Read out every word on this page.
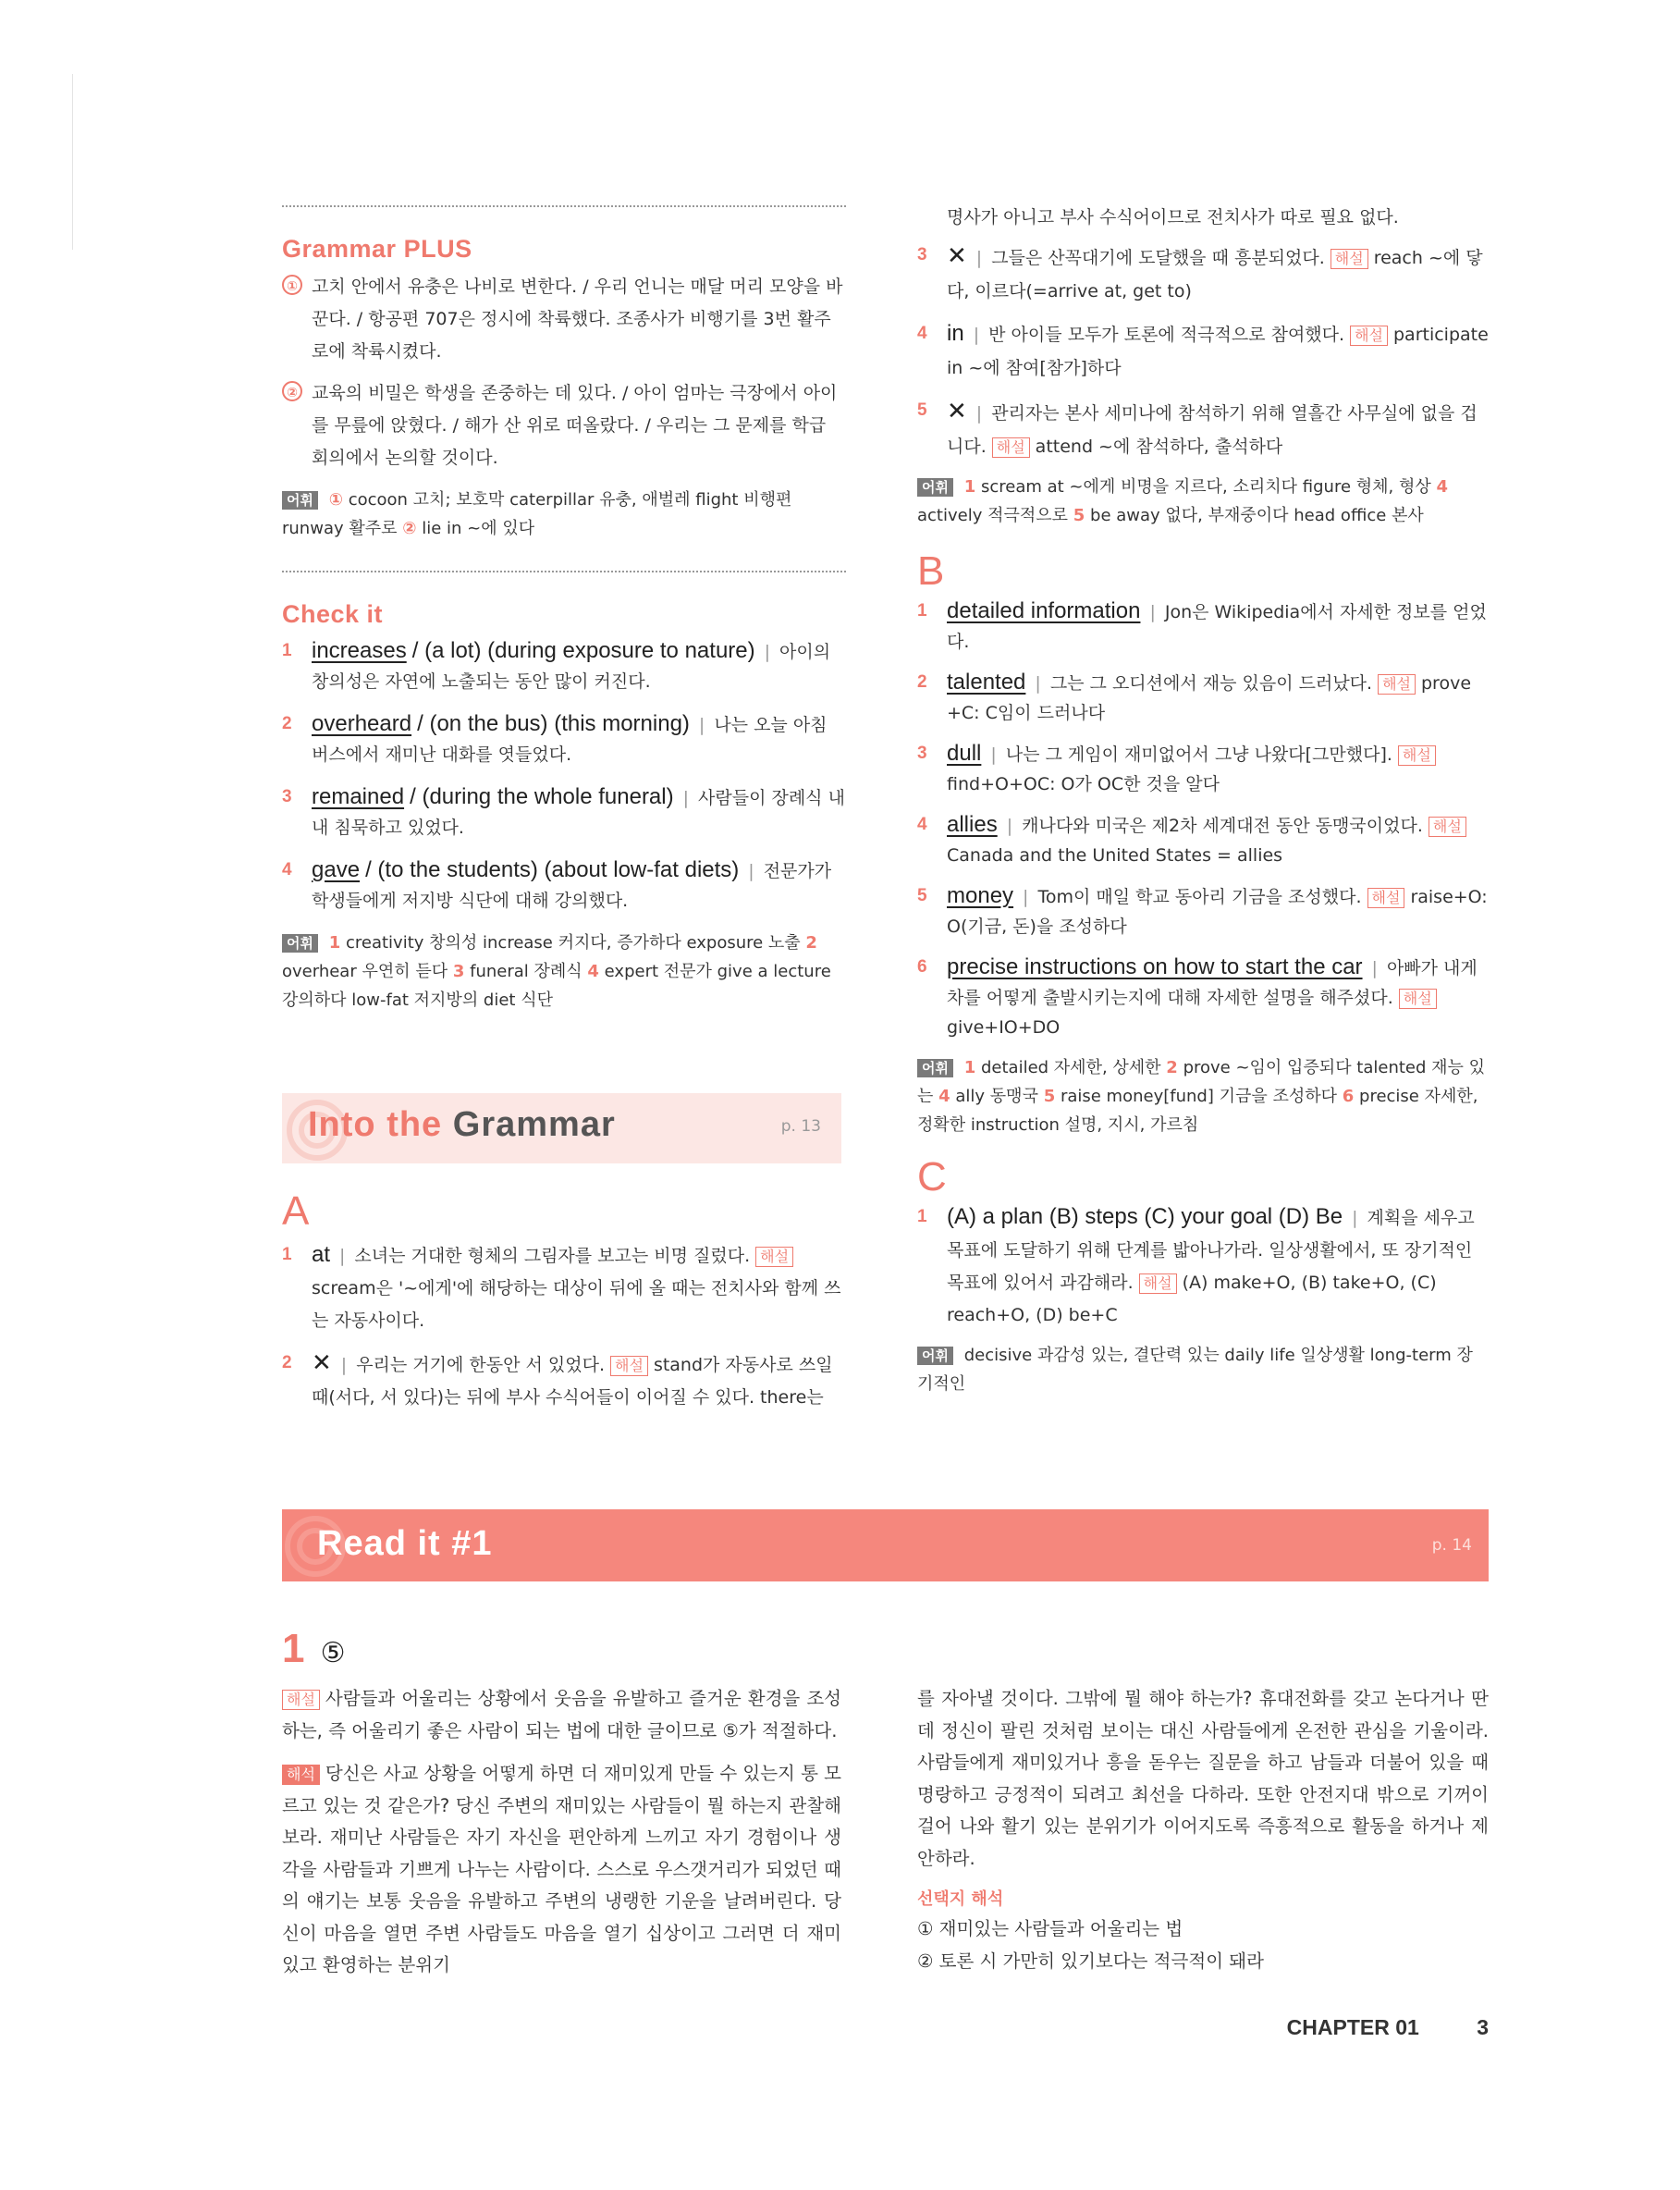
Grammar PLUS
① 고치 안에서 유충은 나비로 변한다. / 우리 언니는 매달 머리 모양을 바꾼다. / 항공편 707은 정시에 착륙했다. 조종사가 비행기를 3번 활주로에 착륙시켰다.
② 교육의 비밀은 학생을 존중하는 데 있다. / 아이 엄마는 극장에서 아이를 무릎에 앉혔다. / 해가 산 위로 떠올랐다. / 우리는 그 문제를 학급 회의에서 논의할 것이다.
어휘 ① cocoon 고치; 보호막 caterpillar 유충, 애벌레 flight 비행편 runway 활주로 ② lie in ~에 있다
Check it
1 increases / (a lot) (during exposure to nature) | 아이의 창의성은 자연에 노출되는 동안 많이 커진다.
2 overheard / (on the bus) (this morning) | 나는 오늘 아침 버스에서 재미난 대화를 엿들었다.
3 remained / (during the whole funeral) | 사람들이 장례식 내내 침묵하고 있었다.
4 gave / (to the students) (about low-fat diets) | 전문가가 학생들에게 저지방 식단에 대해 강의했다.
어휘 1 creativity 창의성 increase 커지다, 증가하다 exposure 노출 2 overhear 우연히 듣다 3 funeral 장례식 4 expert 전문가 give a lecture 강의하다 low-fat 저지방의 diet 식단
Into the Grammar	p. 13
A
1 at | 소녀는 거대한 형체의 그림자를 보고는 비명 질렀다. 해설scream은 '~에게'에 해당하는 대상이 뒤에 올 때는 전치사와 함께 쓰는 자동사이다.
2 ✕ | 우리는 거기에 한동안 서 있었다. 해설 stand가 자동사로 쓰일 때(서다, 서 있다)는 뒤에 부사 수식어들이 이어질 수 있다. there는
명사가 아니고 부사 수식어이므로 전치사가 따로 필요 없다.
3 ✕ | 그들은 산꼭대기에 도달했을 때 흥분되었다. 해설 reach ~에 닿다, 이르다(=arrive at, get to)
4 in | 반 아이들 모두가 토론에 적극적으로 참여했다. 해설 participate in ~에 참여[참가]하다
5 ✕ | 관리자는 본사 세미나에 참석하기 위해 열흘간 사무실에 없을 겁니다. 해설 attend ~에 참석하다, 출석하다
어휘 1 scream at ~에게 비명을 지르다, 소리치다 figure 형체, 형상 4 actively 적극적으로 5 be away 없다, 부재중이다 head office 본사
B
1 detailed information | Jon은 Wikipedia에서 자세한 정보를 얻었다.
2 talented | 그는 그 오디션에서 재능 있음이 드러났다. 해설 prove +C: C임이 드러나다
3 dull | 나는 그 게임이 재미없어서 그냥 나왔다[그만했다]. 해설find+O+OC: O가 OC한 것을 알다
4 allies | 캐나다와 미국은 제2차 세계대전 동안 동맹국이었다. 해설Canada and the United States = allies
5 money | Tom이 매일 학교 동아리 기금을 조성했다. 해설 raise+O: O(기금, 돈)을 조성하다
6 precise instructions on how to start the car | 아빠가 내게 차를 어떻게 출발시키는지에 대해 자세한 설명을 해주셨다. 해설give+IO+DO
어휘 1 detailed 자세한, 상세한 2 prove ~임이 입증되다 talented 재능 있는 4 ally 동맹국 5 raise money[fund] 기금을 조성하다 6 precise 자세한, 정확한 instruction 설명, 지시, 가르침
C
1 (A) a plan (B) steps (C) your goal (D) Be | 계획을 세우고 목표에 도달하기 위해 단계를 밟아나가라. 일상생활에서, 또 장기적인 목표에 있어서 과감해라. 해설 (A) make+O, (B) take+O, (C) reach+O, (D) be+C
어휘 decisive 과감성 있는, 결단력 있는 daily life 일상생활 long-term 장기적인
Read it #1	p. 14
1 ⑤
해설 사람들과 어울리는 상황에서 웃음을 유발하고 즐거운 환경을 조성하는, 즉 어울리기 좋은 사람이 되는 법에 대한 글이므로 ⑤가 적절하다.
해석 당신은 사교 상황을 어떻게 하면 더 재미있게 만들 수 있는지 통 모르고 있는 것 같은가? 당신 주변의 재미있는 사람들이 뭘 하는지 관찰해보라. 재미난 사람들은 자기 자신을 편안하게 느끼고 자기 경험이나 생각을 사람들과 기쁘게 나누는 사람이다. 스스로 우스갯거리가 되었던 때의 얘기는 보통 웃음을 유발하고 주변의 냉랭한 기운을 날려버린다. 당신이 마음을 열면 주변 사람들도 마음을 열기 십상이고 그러면 더 재미있고 환영하는 분위기
를 자아낼 것이다. 그밖에 뭘 해야 하는가? 휴대전화를 갖고 논다거나 딴 데 정신이 팔린 것처럼 보이는 대신 사람들에게 온전한 관심을 기울이라. 사람들에게 재미있거나 흥을 돋우는 질문을 하고 남들과 더불어 있을 때 명랑하고 긍정적이 되려고 최선을 다하라. 또한 안전지대 밖으로 기꺼이 걸어 나와 활기 있는 분위기가 이어지도록 즉흥적으로 활동을 하거나 제안하라.
선택지 해석
① 재미있는 사람들과 어울리는 법
② 토론 시 가만히 있기보다는 적극적이 돼라
CHAPTER 01	3
